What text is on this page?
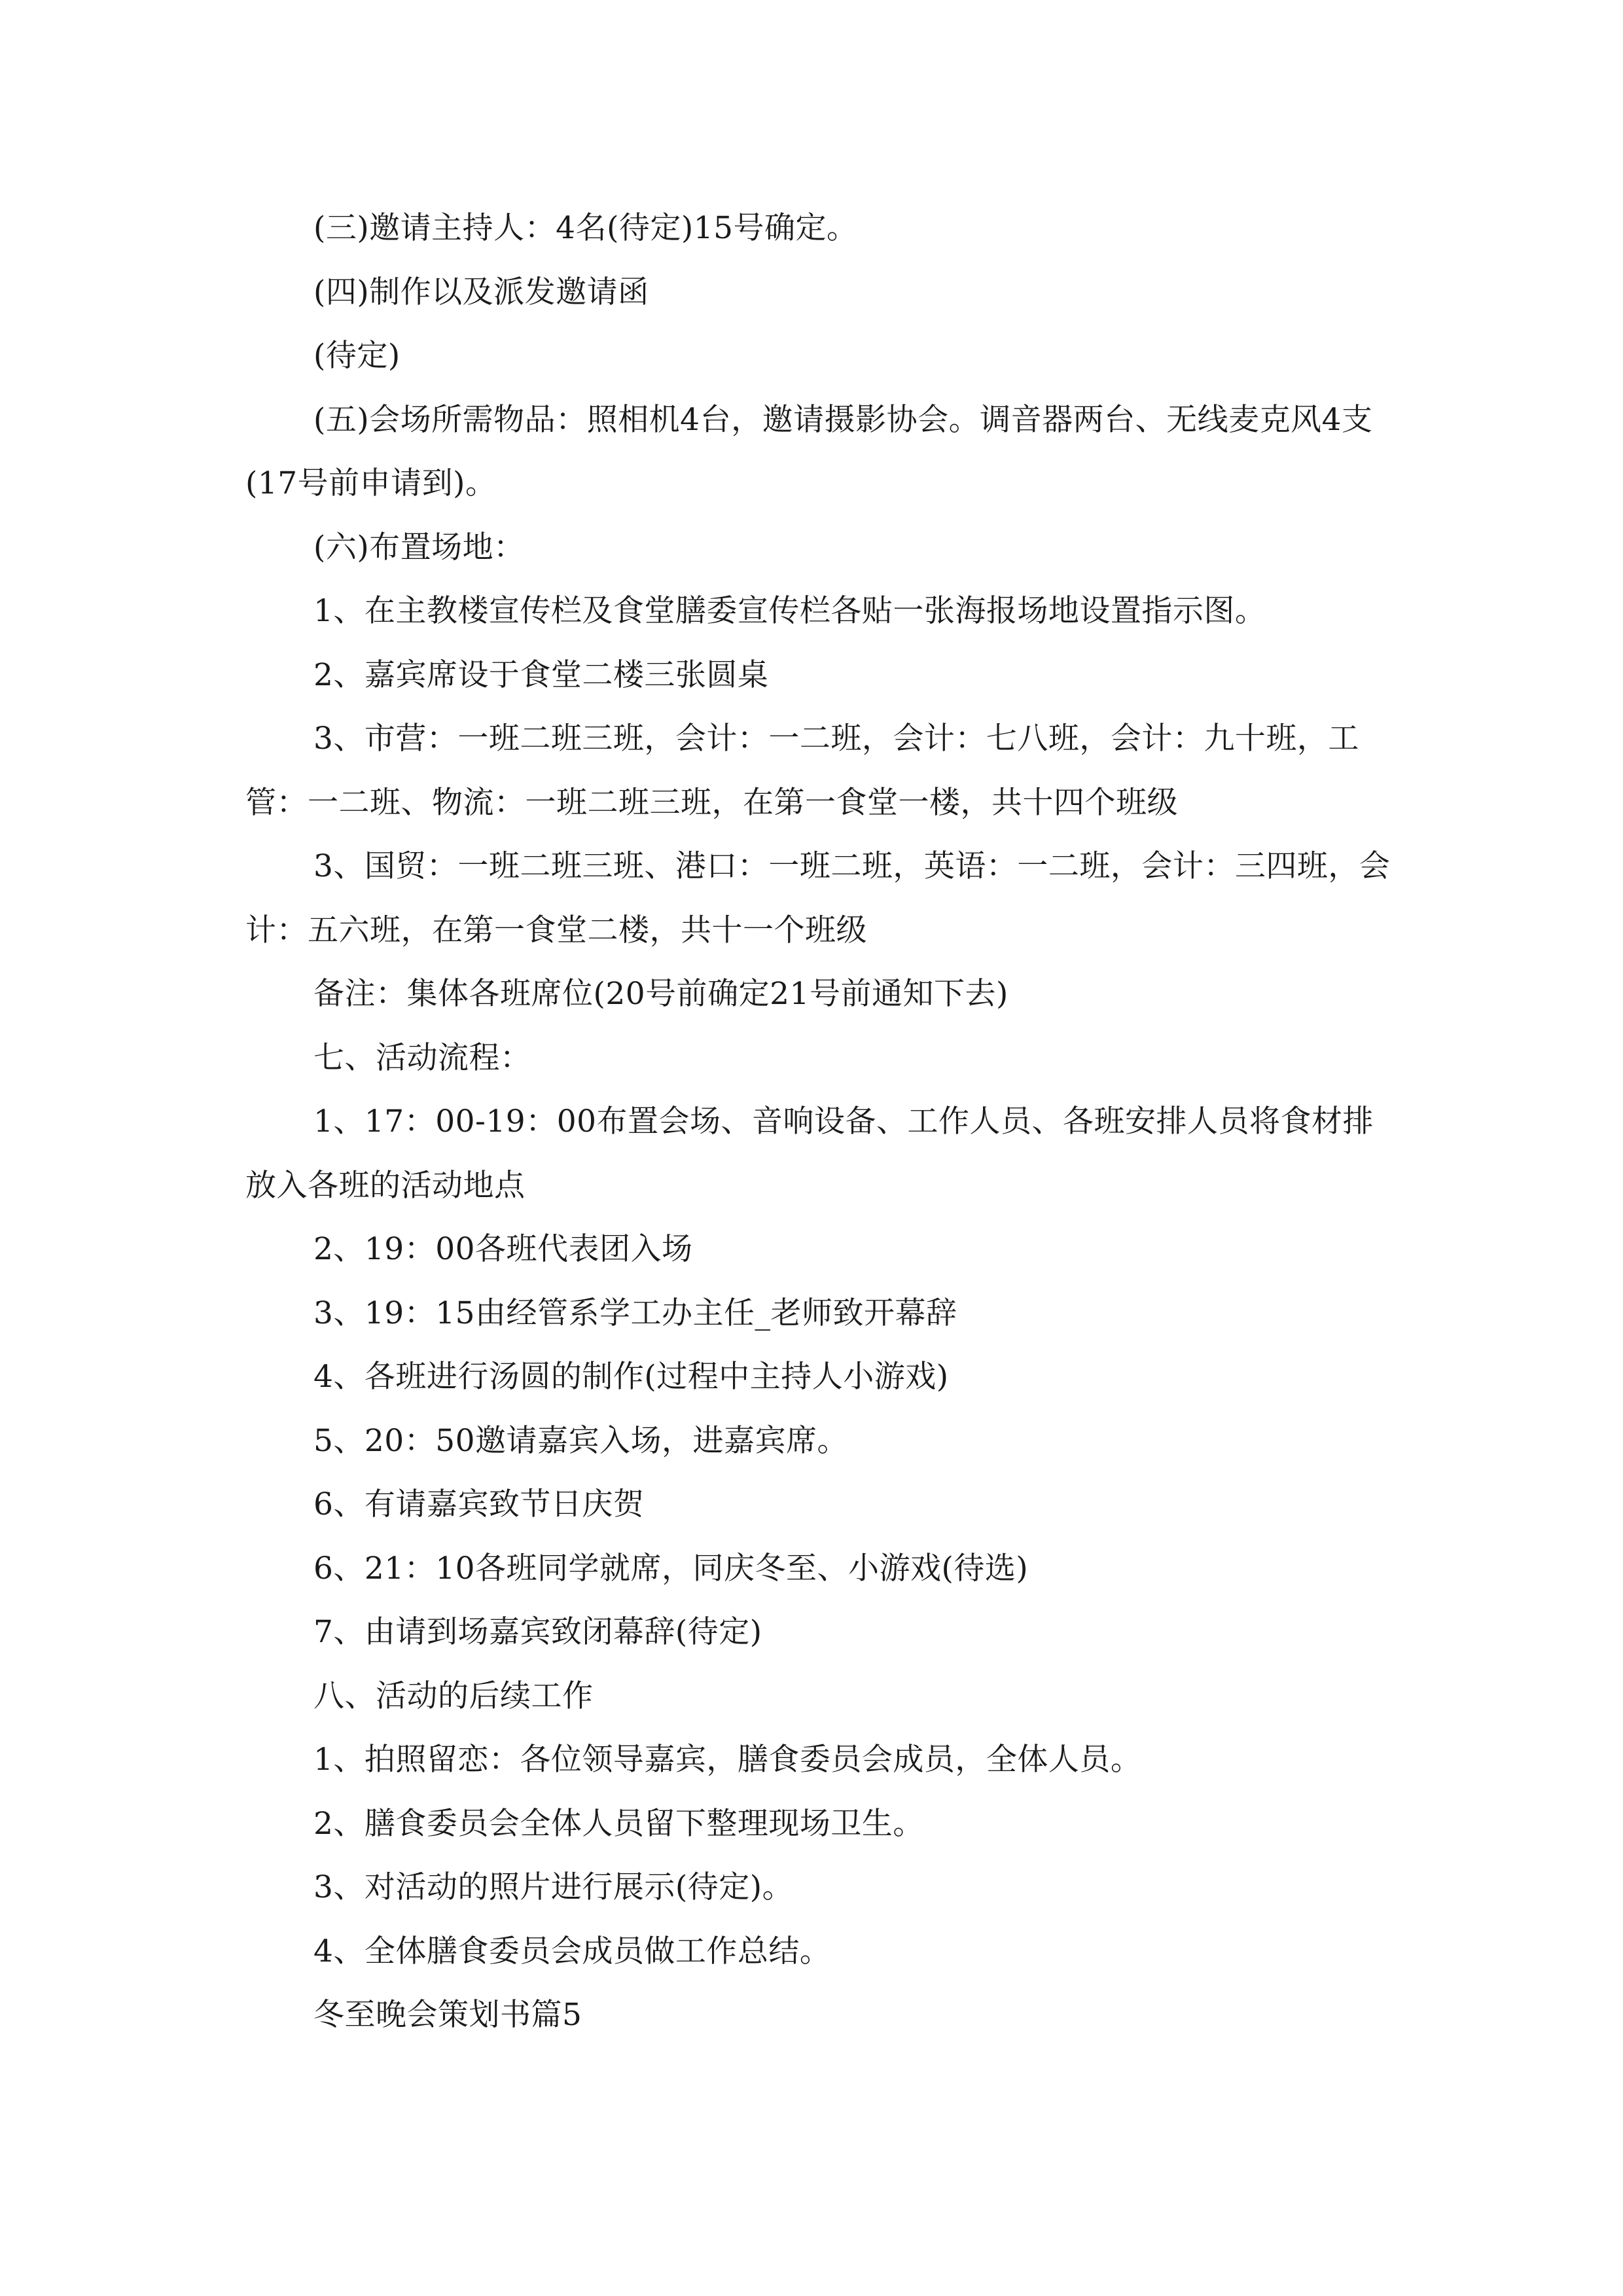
(三)邀请主持人：4名(待定)15号确定。

(四)制作以及派发邀请函

(待定)

(五)会场所需物品：照相机4台，邀请摄影协会。调音器两台、无线麦克风4支(17号前申请到)。

(六)布置场地：

1、在主教楼宣传栏及食堂膳委宣传栏各贴一张海报场地设置指示图。

2、嘉宾席设于食堂二楼三张圆桌

3、市营：一班二班三班，会计：一二班，会计：七八班，会计：九十班，工管：一二班、物流：一班二班三班，在第一食堂一楼，共十四个班级

3、国贸：一班二班三班、港口：一班二班，英语：一二班，会计：三四班，会计：五六班，在第一食堂二楼，共十一个班级

备注：集体各班席位(20号前确定21号前通知下去)

七、活动流程：

1、17：00-19：00布置会场、音响设备、工作人员、各班安排人员将食材排放入各班的活动地点

2、19：00各班代表团入场

3、19：15由经管系学工办主任_老师致开幕辞

4、各班进行汤圆的制作(过程中主持人小游戏)

5、20：50邀请嘉宾入场，进嘉宾席。

6、有请嘉宾致节日庆贺

6、21：10各班同学就席，同庆冬至、小游戏(待选)

7、由请到场嘉宾致闭幕辞(待定)

八、活动的后续工作

1、拍照留恋：各位领导嘉宾，膳食委员会成员，全体人员。

2、膳食委员会全体人员留下整理现场卫生。

3、对活动的照片进行展示(待定)。

4、全体膳食委员会成员做工作总结。

冬至晚会策划书篇5
